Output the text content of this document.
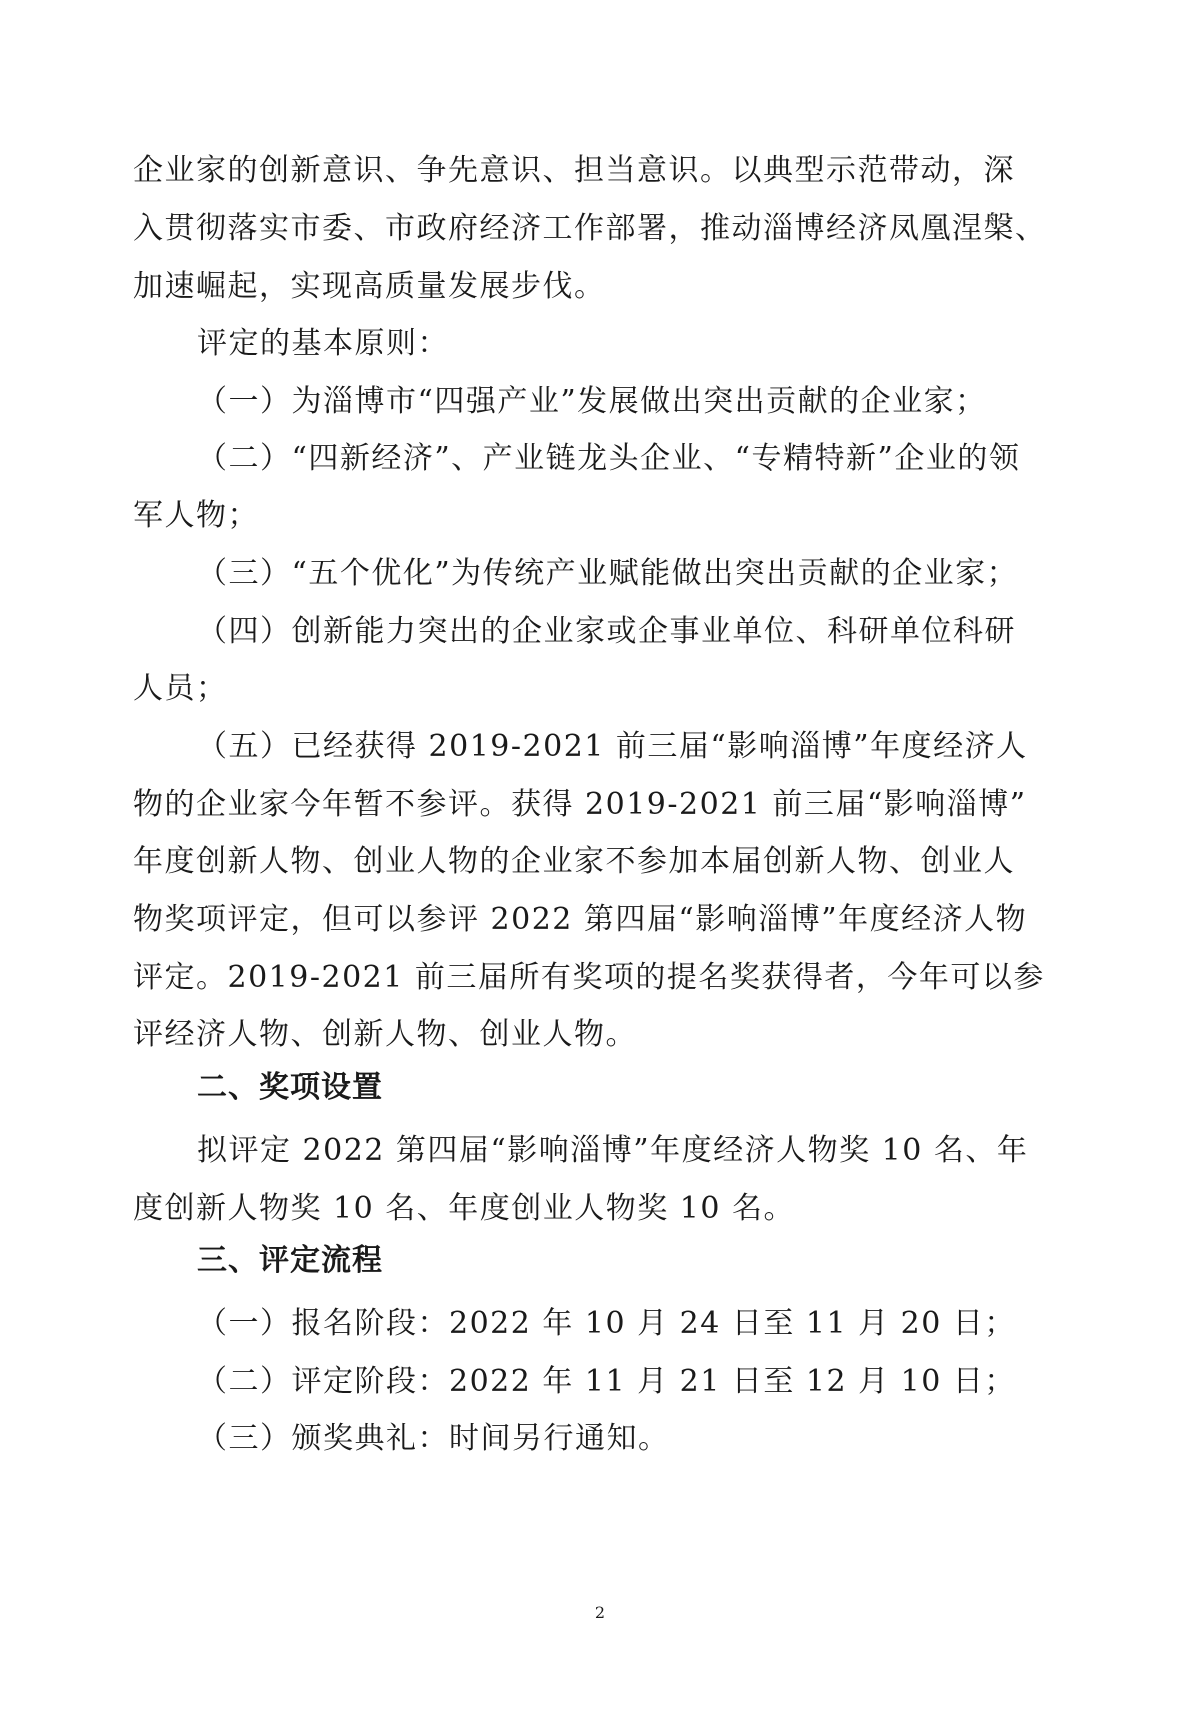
企业家的创新意识、争先意识、担当意识。以典型示范带动，深
入贯彻落实市委、市政府经济工作部署，推动淄博经济凤凰涅槃、
加速崛起，实现高质量发展步伐。
评定的基本原则：
（一）为淄博市“四强产业”发展做出突出贡献的企业家；
（二）“四新经济”、产业链龙头企业、“专精特新”企业的领
军人物；
（三）“五个优化”为传统产业赋能做出突出贡献的企业家；
（四）创新能力突出的企业家或企事业单位、科研单位科研
人员；
（五）已经获得 2019-2021 前三届“影响淄博”年度经济人
物的企业家今年暂不参评。获得 2019-2021 前三届“影响淄博”
年度创新人物、创业人物的企业家不参加本届创新人物、创业人
物奖项评定，但可以参评 2022 第四届“影响淄博”年度经济人物
评定。2019-2021 前三届所有奖项的提名奖获得者，今年可以参
评经济人物、创新人物、创业人物。
二、奖项设置
拟评定 2022 第四届“影响淄博”年度经济人物奖 10 名、年
度创新人物奖 10 名、年度创业人物奖 10 名。
三、评定流程
（一）报名阶段：2022 年 10 月 24 日至 11 月 20 日；
（二）评定阶段：2022 年 11 月 21 日至 12 月 10 日；
（三）颁奖典礼：时间另行通知。
2
